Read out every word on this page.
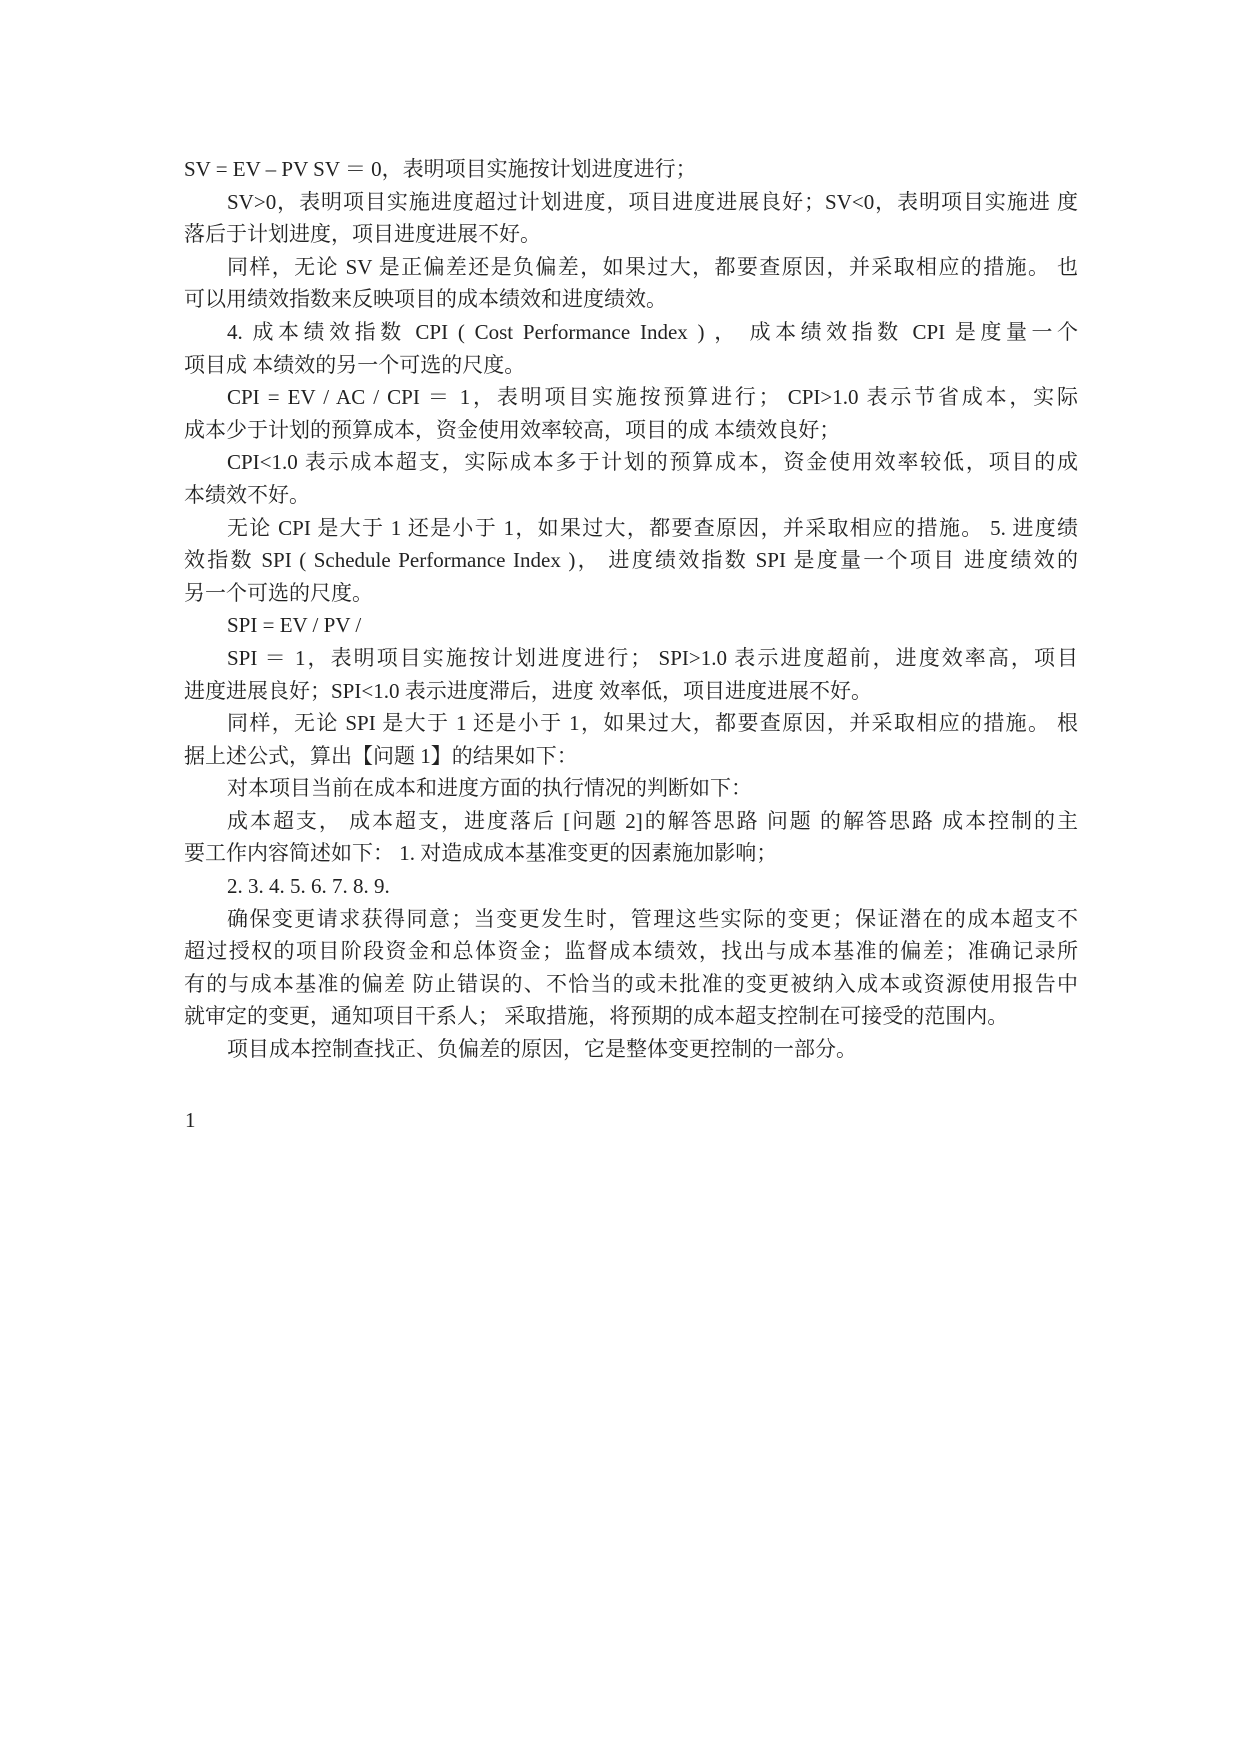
SV = EV – PV SV ＝ 0，表明项目实施按计划进度进行；
SV>0，表明项目实施进度超过计划进度，项目进度进展良好；SV<0，表明项目实施进 度
落后于计划进度，项目进度进展不好。
同样，无论 SV 是正偏差还是负偏差，如果过大，都要查原因，并采取相应的措施。 也
可以用绩效指数来反映项目的成本绩效和进度绩效。
4. 成本绩效指数 CPI ( Cost Performance Index ) ， 成本绩效指数 CPI 是度量一个
项目成 本绩效的另一个可选的尺度。
CPI = EV / AC / CPI ＝ 1，表明项目实施按预算进行； CPI>1.0 表示节省成本，实际
成本少于计划的预算成本，资金使用效率较高，项目的成 本绩效良好；
CPI<1.0 表示成本超支，实际成本多于计划的预算成本，资金使用效率较低，项目的成
本绩效不好。
无论 CPI 是大于 1 还是小于 1，如果过大，都要查原因，并采取相应的措施。 5. 进度绩
效指数 SPI ( Schedule Performance Index )， 进度绩效指数 SPI 是度量一个项目 进度绩效的
另一个可选的尺度。
SPI = EV / PV /
SPI ＝ 1，表明项目实施按计划进度进行； SPI>1.0 表示进度超前，进度效率高，项目
进度进展良好；SPI<1.0 表示进度滞后，进度 效率低，项目进度进展不好。
同样，无论 SPI 是大于 1 还是小于 1，如果过大，都要查原因，并采取相应的措施。 根
据上述公式，算出【问题 1】的结果如下：
对本项目当前在成本和进度方面的执行情况的判断如下：
成本超支， 成本超支，进度落后 [问题 2]的解答思路 问题 的解答思路 成本控制的主
要工作内容简述如下： 1. 对造成成本基准变更的因素施加影响；
2. 3. 4. 5. 6. 7. 8. 9.
确保变更请求获得同意；当变更发生时，管理这些实际的变更；保证潜在的成本超支不
超过授权的项目阶段资金和总体资金；监督成本绩效，找出与成本基准的偏差；准确记录所
有的与成本基准的偏差 防止错误的、不恰当的或未批准的变更被纳入成本或资源使用报告中
就审定的变更，通知项目干系人； 采取措施，将预期的成本超支控制在可接受的范围内。
项目成本控制查找正、负偏差的原因，它是整体变更控制的一部分。
1
